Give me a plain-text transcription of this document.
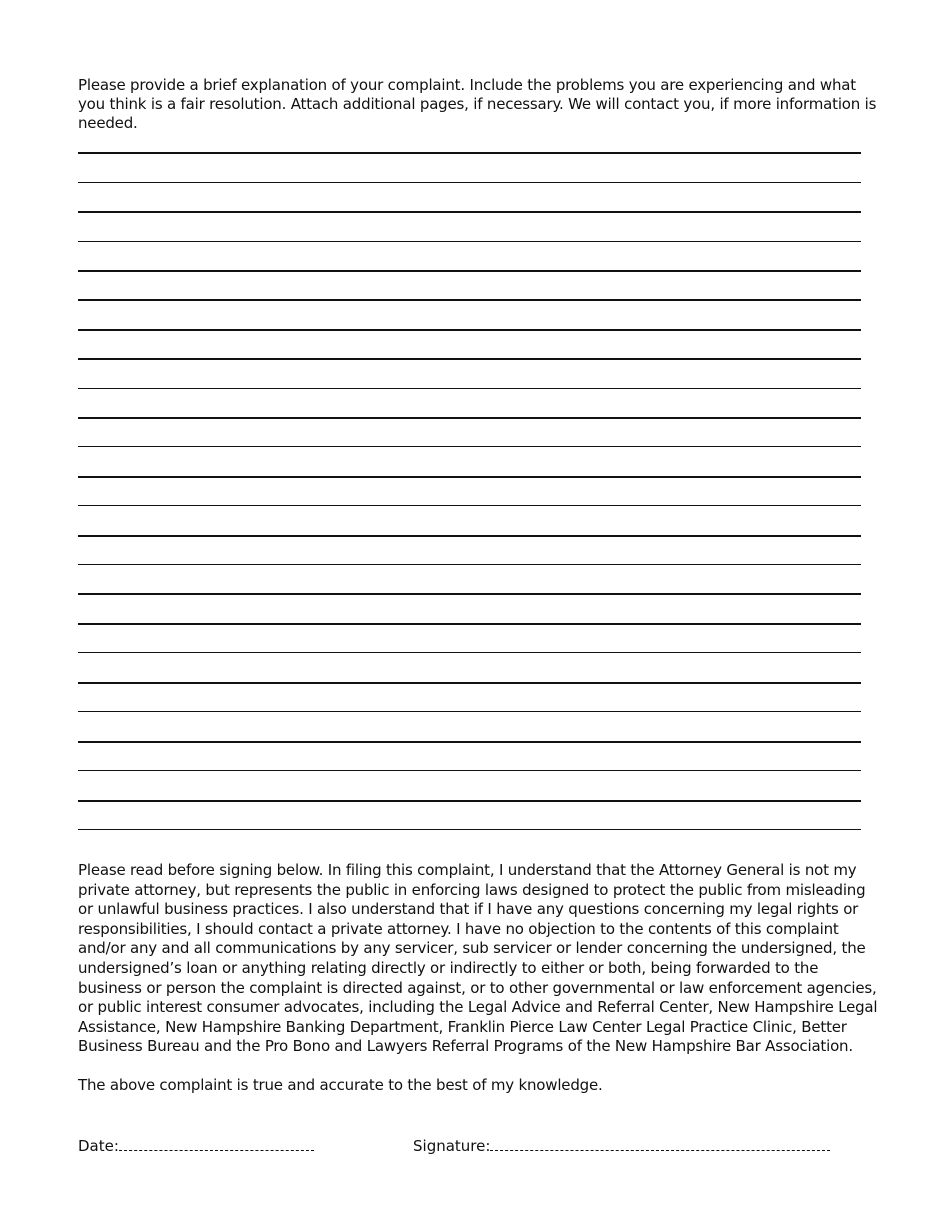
Please provide a brief explanation of your complaint. Include the problems you are experiencing and what you think is a fair resolution. Attach additional pages, if necessary. We will contact you, if more information is needed.

Please read before signing below. In filing this complaint, I understand that the Attorney General is not my private attorney, but represents the public in enforcing laws designed to protect the public from misleading or unlawful business practices. I also understand that if I have any questions concerning my legal rights or responsibilities, I should contact a private attorney. I have no objection to the contents of this complaint and/or any and all communications by any servicer, sub servicer or lender concerning the undersigned, the undersigned’s loan or anything relating directly or indirectly to either or both, being forwarded to the business or person the complaint is directed against, or to other governmental or law enforcement agencies, or public interest consumer advocates, including the Legal Advice and Referral Center, New Hampshire Legal Assistance, New Hampshire Banking Department, Franklin Pierce Law Center Legal Practice Clinic, Better Business Bureau and the Pro Bono and Lawyers Referral Programs of the New Hampshire Bar Association.

The above complaint is true and accurate to the best of my knowledge.

Date:	Signature:
